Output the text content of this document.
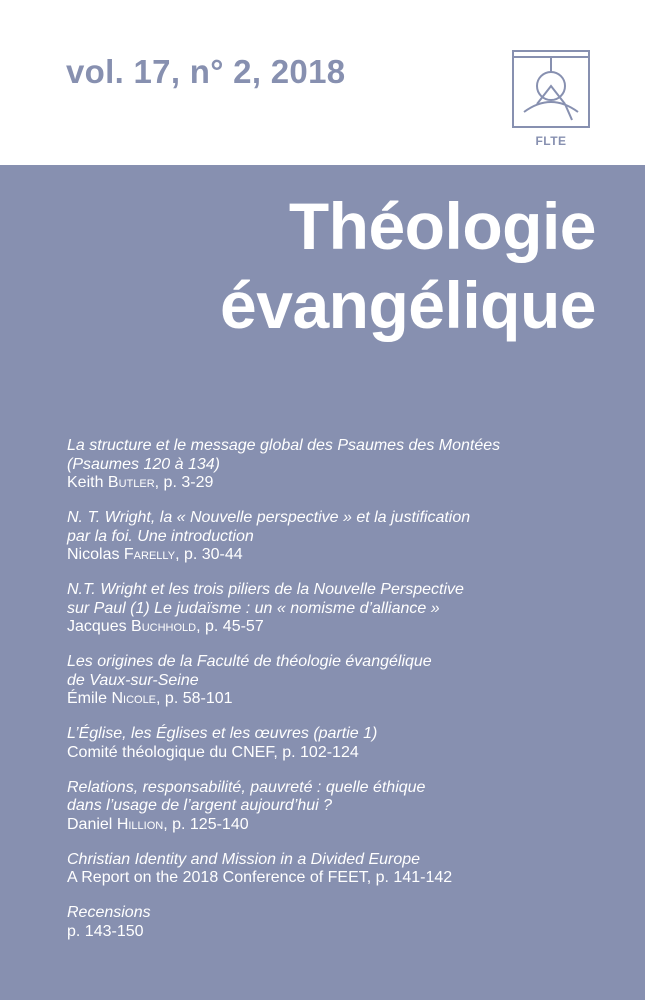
vol. 17, n° 2, 2018
FLTE
Théologie
évangélique
La structure et le message global des Psaumes des Montées
(Psaumes 120 à 134)
Keith Butler, p. 3-29
N. T. Wright, la « Nouvelle perspective » et la justification
par la foi. Une introduction
Nicolas Farelly, p. 30-44
N.T. Wright et les trois piliers de la Nouvelle Perspective
sur Paul (1) Le judaïsme : un « nomisme d’alliance »
Jacques Buchhold, p. 45-57
Les origines de la Faculté de théologie évangélique
de Vaux-sur-Seine
Émile Nicole, p. 58-101
L’Église, les Églises et les œuvres (partie 1)
Comité théologique du CNEF, p. 102-124
Relations, responsabilité, pauvreté : quelle éthique
dans l’usage de l’argent aujourd’hui ?
Daniel Hillion, p. 125-140
Christian Identity and Mission in a Divided Europe
A Report on the 2018 Conference of FEET, p. 141-142
Recensions
p. 143-150
